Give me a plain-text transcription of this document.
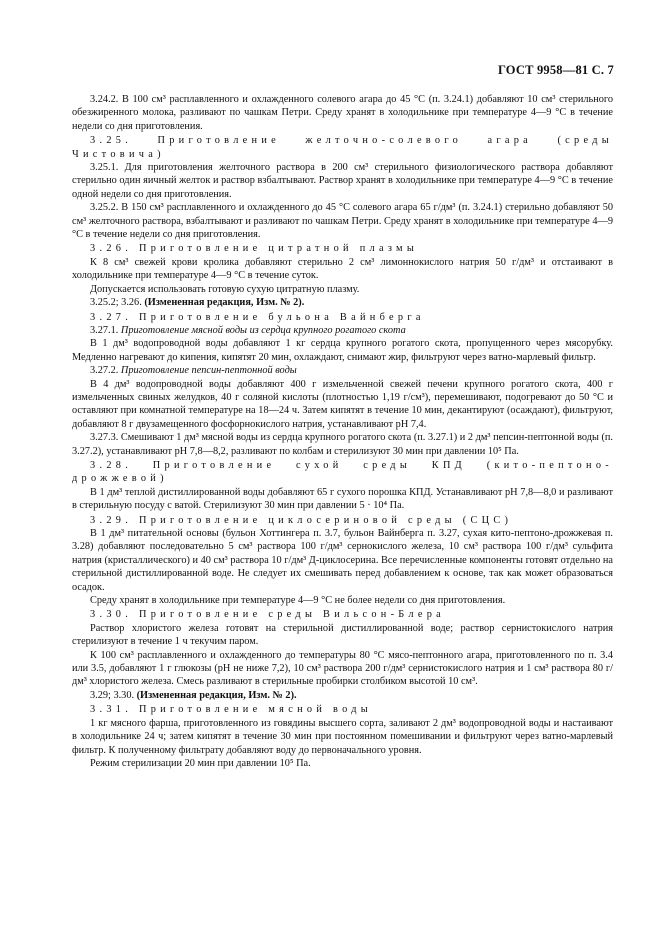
ГОСТ 9958—81 С. 7

3.24.2. В 100 см³ расплавленного и охлажденного солевого агара до 45 °С (п. 3.24.1) добавляют 10 см³ стерильного обезжиренного молока, разливают по чашкам Петри. Среду хранят в холодильнике при температуре 4—9 °С в течение недели со дня приготовления.

3.25. Приготовление желточно-солевого агара (среды Чистовича)

3.25.1. Для приготовления желточного раствора в 200 см³ стерильного физиологического раствора добавляют стерильно один яичный желток и раствор взбалтывают. Раствор хранят в холодильнике при температуре 4—9 °С в течение одной недели со дня приготовления.

3.25.2. В 150 см³ расплавленного и охлажденного до 45 °С солевого агара 65 г/дм³ (п. 3.24.1) стерильно добавляют 50 см³ желточного раствора, взбалтывают и разливают по чашкам Петри. Среду хранят в холодильнике при температуре 4—9 °С в течение недели со дня приготовления.

3.26. Приготовление цитратной плазмы

К 8 см³ свежей крови кролика добавляют стерильно 2 см³ лимоннокислого натрия 50 г/дм³ и отстаивают в холодильнике при температуре 4—9 °С в течение суток.

Допускается использовать готовую сухую цитратную плазму.

3.25.2; 3.26. (Измененная редакция, Изм. № 2).

3.27. Приготовление бульона Вайнберга

3.27.1. Приготовление мясной воды из сердца крупного рогатого скота

В 1 дм³ водопроводной воды добавляют 1 кг сердца крупного рогатого скота, пропущенного через мясорубку. Медленно нагревают до кипения, кипятят 20 мин, охлаждают, снимают жир, фильтруют через ватно-марлевый фильтр.

3.27.2. Приготовление пепсин-пептонной воды

В 4 дм³ водопроводной воды добавляют 400 г измельченной свежей печени крупного рогатого скота, 400 г измельченных свиных желудков, 40 г соляной кислоты (плотностью 1,19 г/см³), перемешивают, подогревают до 50 °С и оставляют при комнатной температуре на 18—24 ч. Затем кипятят в течение 10 мин, декантируют (осаждают), фильтруют, добавляют 8 г двузамещенного фосфорнокислого натрия, устанавливают pH 7,4.

3.27.3. Смешивают 1 дм³ мясной воды из сердца крупного рогатого скота (п. 3.27.1) и 2 дм³ пепсин-пептонной воды (п. 3.27.2), устанавливают pH 7,8—8,2, разливают по колбам и стерилизуют 30 мин при давлении 10⁵ Па.

3.28. Приготовление сухой среды КПД (кито-пептоно-дрожжевой)

В 1 дм³ теплой дистиллированной воды добавляют 65 г сухого порошка КПД. Устанавливают pH 7,8—8,0 и разливают в стерильную посуду с ватой. Стерилизуют 30 мин при давлении 5 · 10⁴ Па.

3.29. Приготовление циклосериновой среды (СЦС)

В 1 дм³ питательной основы (бульон Хоттингера п. 3.7, бульон Вайнберга п. 3.27, сухая кито-пептоно-дрожжевая п. 3.28) добавляют последовательно 5 см³ раствора 100 г/дм³ сернокислого железа, 10 см³ раствора 100 г/дм³ сульфита натрия (кристаллического) и 40 см³ раствора 10 г/дм³ Д-циклосерина. Все перечисленные компоненты готовят отдельно на стерильной дистиллированной воде. Не следует их смешивать перед добавлением к основе, так как может образоваться осадок.

Среду хранят в холодильнике при температуре 4—9 °С не более недели со дня приготовления.

3.30. Приготовление среды Вильсон-Блера

Раствор хлористого железа готовят на стерильной дистиллированной воде; раствор сернистокислого натрия стерилизуют в течение 1 ч текучим паром.

К 100 см³ расплавленного и охлажденного до температуры 80 °С мясо-пептонного агара, приготовленного по п. 3.4 или 3.5, добавляют 1 г глюкозы (pH не ниже 7,2), 10 см³ раствора 200 г/дм³ сернистокислого натрия и 1 см³ раствора 80 г/дм³ хлористого железа. Смесь разливают в стерильные пробирки столбиком высотой 10 см³.

3.29; 3.30. (Измененная редакция, Изм. № 2).

3.31. Приготовление мясной воды

1 кг мясного фарша, приготовленного из говядины высшего сорта, заливают 2 дм³ водопроводной воды и настаивают в холодильнике 24 ч; затем кипятят в течение 30 мин при постоянном помешивании и фильтруют через ватно-марлевый фильтр. К полученному фильтрату добавляют воду до первоначального уровня.

Режим стерилизации 20 мин при давлении 10⁵ Па.
